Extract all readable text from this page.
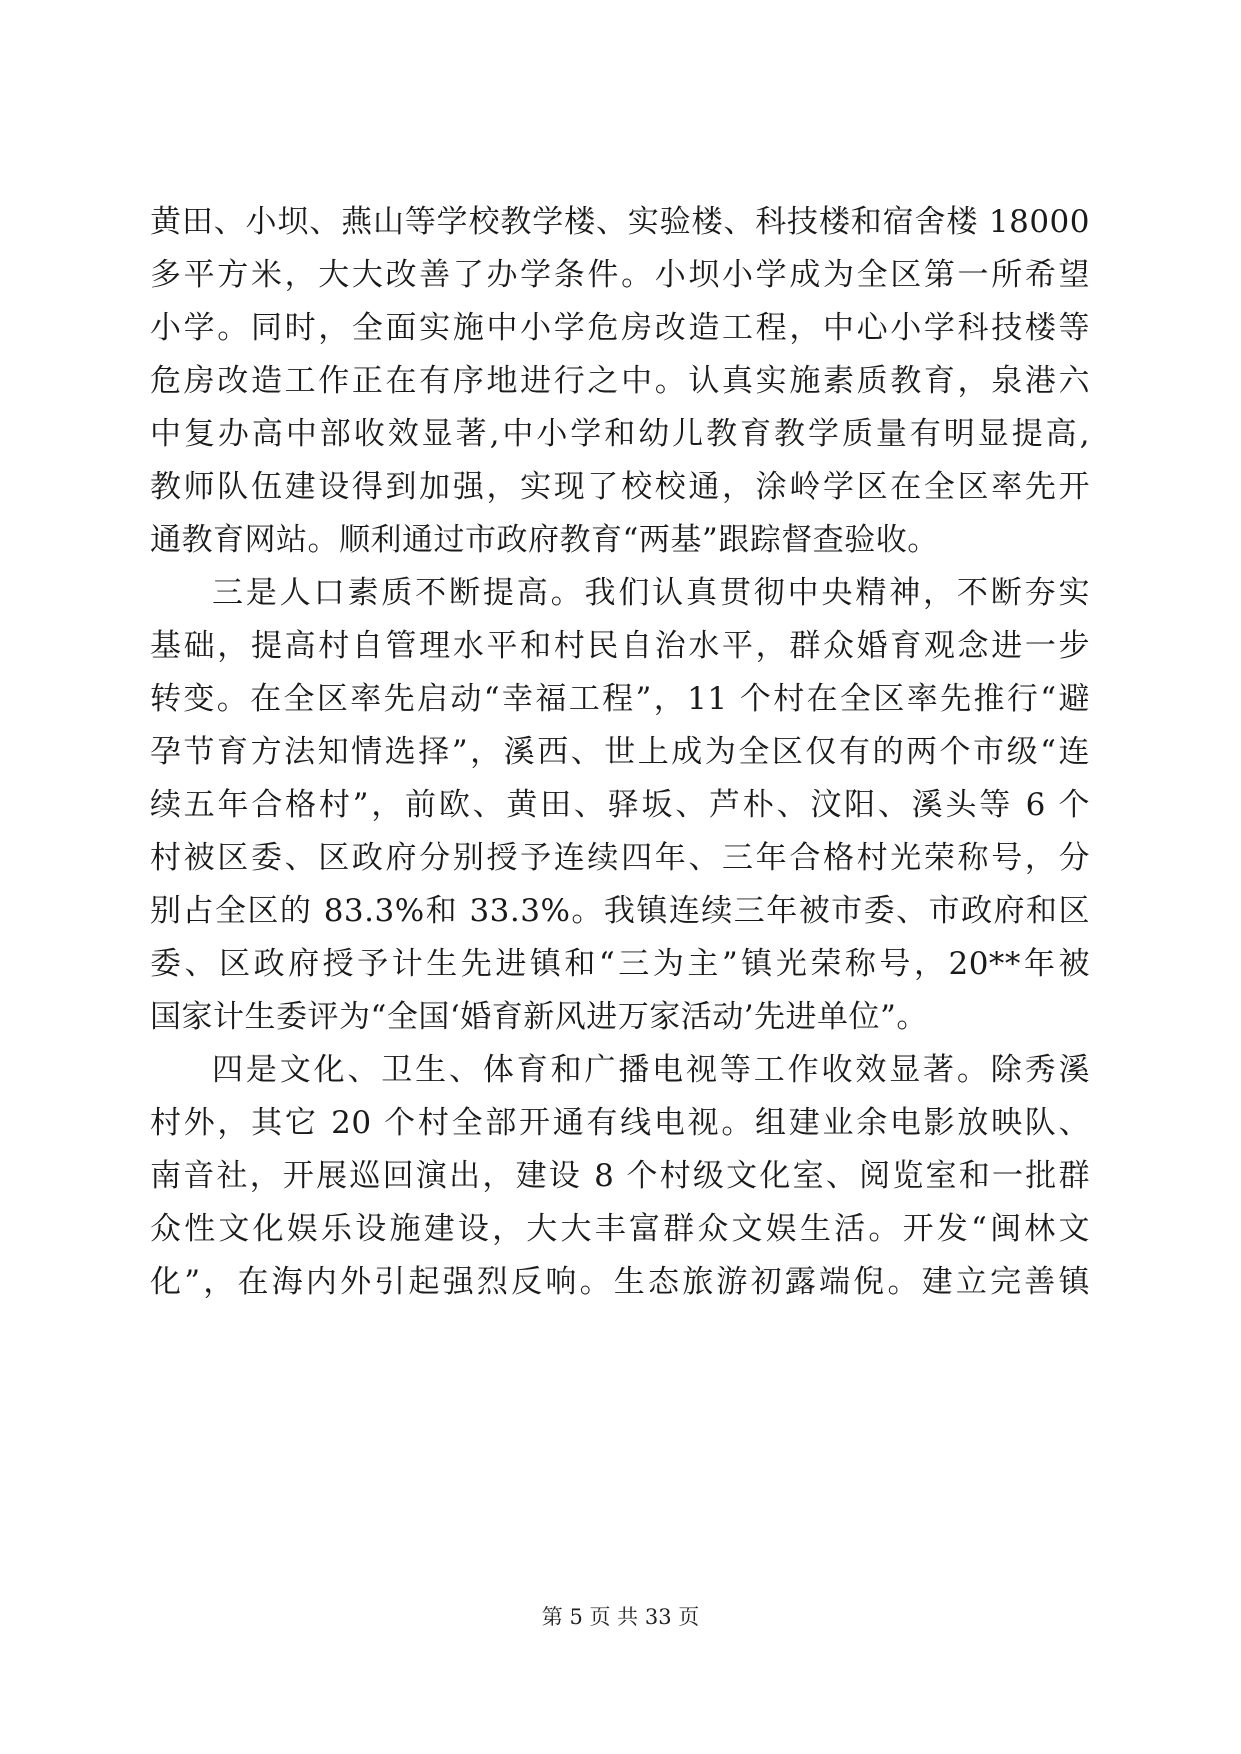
黄田、小坝、燕山等学校教学楼、实验楼、科技楼和宿舍楼 18000
多平方米，大大改善了办学条件。小坝小学成为全区第一所希望
小学。同时，全面实施中小学危房改造工程，中心小学科技楼等
危房改造工作正在有序地进行之中。认真实施素质教育，泉港六
中复办高中部收效显著,中小学和幼儿教育教学质量有明显提高,
教师队伍建设得到加强，实现了校校通，涂岭学区在全区率先开
通教育网站。顺利通过市政府教育“两基”跟踪督查验收。
三是人口素质不断提高。我们认真贯彻中央精神，不断夯实
基础，提高村自管理水平和村民自治水平，群众婚育观念进一步
转变。在全区率先启动“幸福工程”，11 个村在全区率先推行“避
孕节育方法知情选择”，溪西、世上成为全区仅有的两个市级“连
续五年合格村”，前欧、黄田、驿坂、芦朴、汶阳、溪头等 6 个
村被区委、区政府分别授予连续四年、三年合格村光荣称号，分
别占全区的 83.3%和 33.3%。我镇连续三年被市委、市政府和区
委、区政府授予计生先进镇和“三为主”镇光荣称号，20**年被
国家计生委评为“全国‘婚育新风进万家活动’先进单位”。
四是文化、卫生、体育和广播电视等工作收效显著。除秀溪
村外，其它 20 个村全部开通有线电视。组建业余电影放映队、
南音社，开展巡回演出，建设 8 个村级文化室、阅览室和一批群
众性文化娱乐设施建设，大大丰富群众文娱生活。开发“闽林文
化”，在海内外引起强烈反响。生态旅游初露端倪。建立完善镇
第 5 页 共 33 页
